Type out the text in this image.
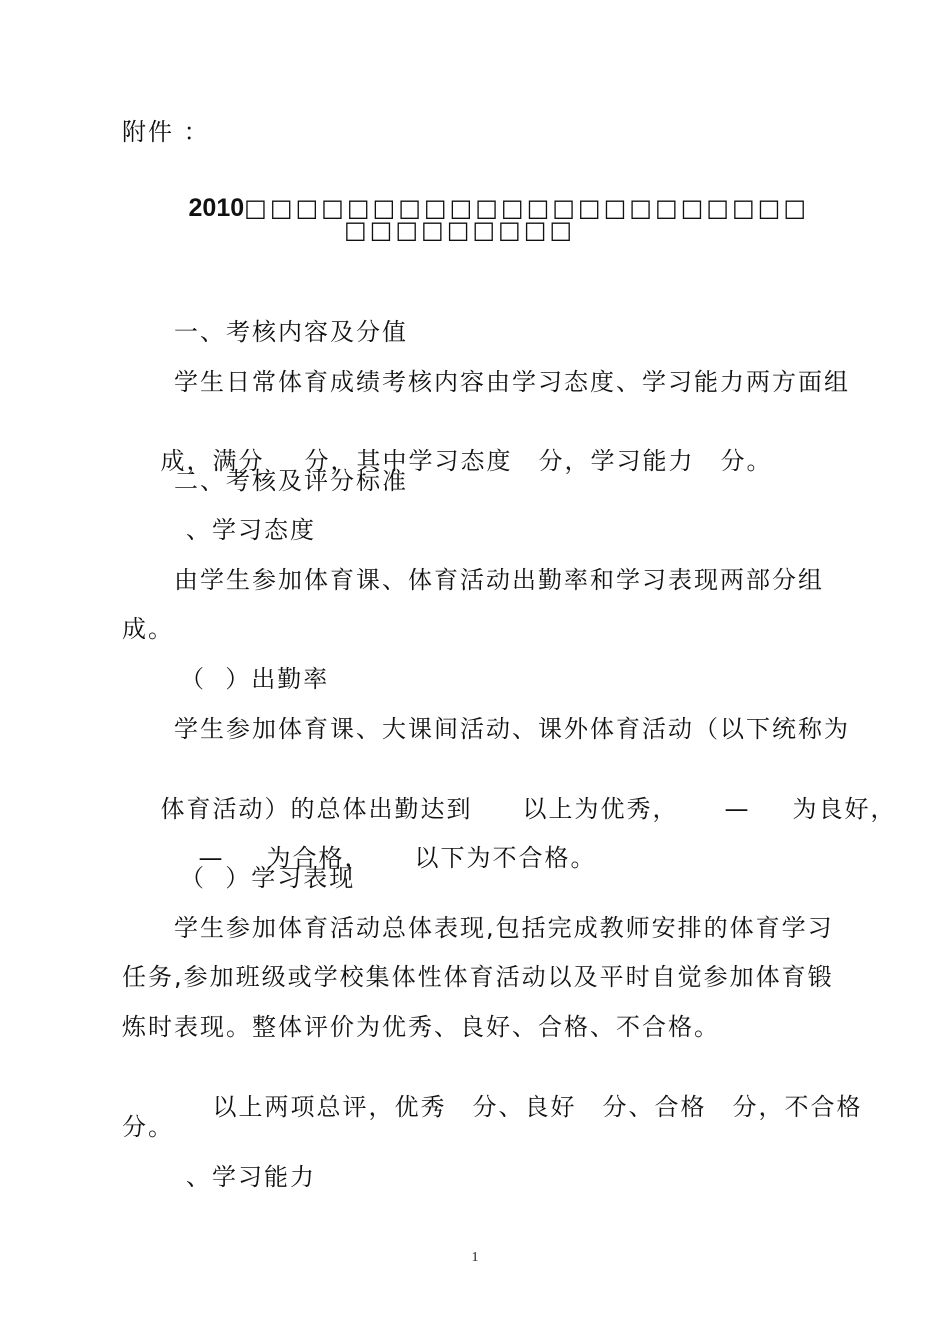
附件 ：

2010□□□□□□□□□□□□□□□□□□□□□□

□□□□□□□□□
一、考核内容及分值
学生日常体育成绩考核内容由学习态度、学习能力两方面组

成，满分 分，其中学习态度 分，学习能力 分。

二、考核及评分标准
、学习态度
由学生参加体育课、体育活动出勤率和学习表现两部分组
成。
（  ）出勤率
学生参加体育课、大课间活动、课外体育活动（以下统称为

体育活动）的总体出勤达到 以上为优秀， — 为良好，

— 为合格， 以下为不合格。

（  ）学习表现
学生参加体育活动总体表现,包括完成教师安排的体育学习
任务,参加班级或学校集体性体育活动以及平时自觉参加体育锻
炼时表现。整体评价为优秀、良好、合格、不合格。

以上两项总评，优秀 分、良好 分、合格 分，不合格

分。
、学习能力
1
